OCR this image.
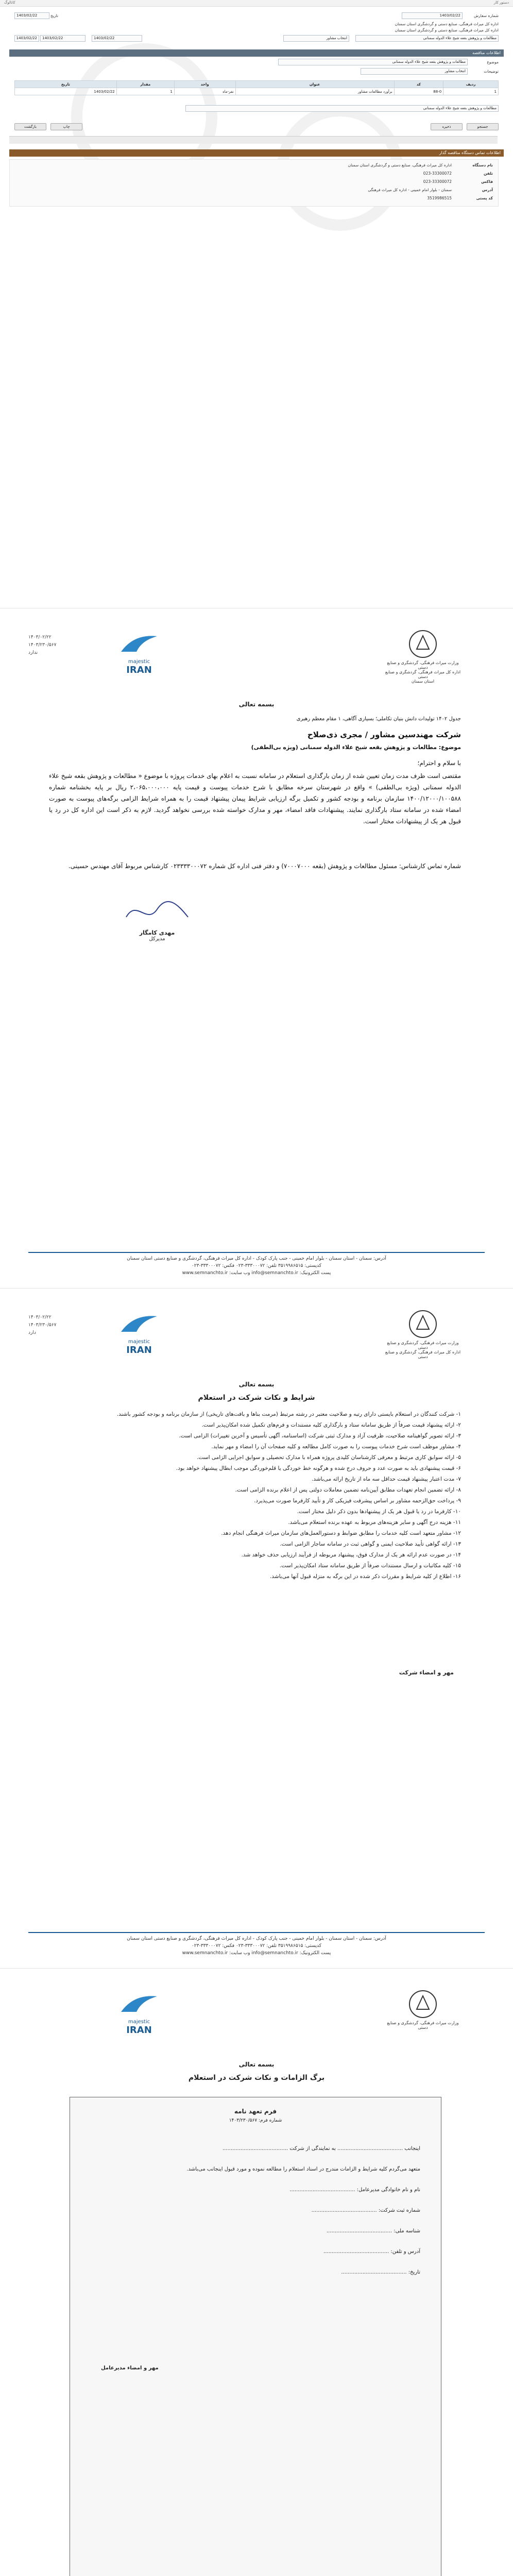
دستور کار
کاتالوگ
شماره سفارش
1403/02/22
تاریخ
1403/02/22
اداره کل میراث فرهنگی، صنایع دستی و گردشگری استان سمنان
اداره کل میراث فرهنگی، صنایع دستی و گردشگری استان سمنان
مطالعات و پژوهش بقعه شیخ علاء الدوله سمنانی
انتخاب مشاور
1403/02/22
1403/02/22
1403/02/22
اطلاعات مناقصه
موضوع
مطالعات و پژوهش بقعه شیخ علاء الدوله سمنانی
توضیحات
انتخاب مشاور
ردیف	کد	عنوان	واحد	مقدار	تاریخ
1	88-0	برآورد مطالعات مشاور	نفر-ماه	1	1403/02/22
مطالعات و پژوهش بقعه شیخ علاء الدوله سمنانی
جستجو
ذخیره
چاپ
بازگشت
اطلاعات تماس دستگاه مناقصه گذار
نام دستگاه
اداره کل میراث فرهنگی، صنایع دستی و گردشگری استان سمنان
تلفن
023-33300072
فاکس
023-33300072
آدرس
سمنان - بلوار امام خمینی - اداره کل میراث فرهنگی
کد پستی
3519986515
وزارت میراث فرهنگی، گردشگری و صنایع دستی
اداره کل میراث فرهنگی، گردشگری و صنایع دستی
استان سمنان
majestic
IRAN
۱۴۰۳/۰۲/۲۲
۱۴۰۳/۲۳۰/۵۶۷
ندارد
بسمه تعالی
جدول ۱۴۰۲ تولیدات دانش بنیان تکاملی؛ بسیاری آگاهی، ۱ مقام معظم رهبری
شرکت مهندسین مشاور / مجری ذی‌صلاح
موضوع: مطالعات و پژوهش بقعه شیخ علاء الدوله سمنانی (ویژه بی‌الطفی)
با سلام و احترام؛
مقتضی است ظرف مدت زمان تعیین شده از زمان بارگذاری استعلام در سامانه نسبت به اعلام بهای خدمات پروژه با موضوع « مطالعات و پژوهش بقعه شیخ علاء الدوله سمنانی (ویژه بی‌الطفی) » واقع در شهرستان سرخه مطابق با شرح خدمات پیوست و قیمت پایه ۲،۰۶۵،۰۰۰،۰۰۰ ریال بر پایه بخشنامه شماره ۱۴۰۰/۱۲۰۰۰/۱۰۰۵۸۸ سازمان برنامه و بودجه کشور و تکمیل برگه ارزیابی شرایط پیمان پیشنهاد قیمت را به همراه شرایط الزامی برگه‌های پیوست به صورت امضاء شده در سامانه ستاد بارگذاری نمایند. پیشنهادات فاقد امضاء، مهر و مدارک خواسته شده بررسی نخواهد گردید. لازم به ذکر است این اداره کل در رد یا قبول هر یک از پیشنهادات مختار است.
شماره تماس کارشناس: مسئول مطالعات و پژوهش (بقعه ۷۰۰۰۷۰۰۰) و دفتر فنی اداره کل شماره ۰۲۳۳۳۳۰۰۰۷۲ کارشناس مربوط آقای مهندس حسینی.
مهدی کامگار
مدیرکل
آدرس: سمنان - استان سمنان - بلوار امام خمینی - جنب پارک کودک - اداره کل میراث فرهنگی، گردشگری و صنایع دستی استان سمنان
کدپستی: ۳۵۱۹۹۸۶۵۱۵ تلفن: ۳۳۳۰۰۰۷۲-۰۲۳ فکس: ۳۳۳۰۰۰۷۲-۰۲۳
پست الکترونیک: info@semnanchto.ir وب سایت: www.semnanchto.ir
وزارت میراث فرهنگی، گردشگری و صنایع دستی
اداره کل میراث فرهنگی، گردشگری و صنایع دستی
majestic
IRAN
۱۴۰۳/۰۲/۲۲
۱۴۰۳/۲۳۰/۵۶۷
دارد
بسمه تعالی
شرایط و نکات شرکت در استعلام
۱- شرکت کنندگان در استعلام بایستی دارای رتبه و صلاحیت معتبر در رشته مرتبط (مرمت بناها و بافت‌های تاریخی) از سازمان برنامه و بودجه کشور باشند.
۲- ارائه پیشنهاد قیمت صرفاً از طریق سامانه ستاد و بارگذاری کلیه مستندات و فرم‌های تکمیل شده امکان‌پذیر است.
۳- ارائه تصویر گواهینامه صلاحیت، ظرفیت آزاد و مدارک ثبتی شرکت (اساسنامه، آگهی تأسیس و آخرین تغییرات) الزامی است.
۴- مشاور موظف است شرح خدمات پیوست را به صورت کامل مطالعه و کلیه صفحات آن را امضاء و مهر نماید.
۵- ارائه سوابق کاری مرتبط و معرفی کارشناسان کلیدی پروژه همراه با مدارک تحصیلی و سوابق اجرایی الزامی است.
۶- قیمت پیشنهادی باید به صورت عدد و حروف درج شده و هرگونه خط خوردگی یا قلم‌خوردگی موجب ابطال پیشنهاد خواهد بود.
۷- مدت اعتبار پیشنهاد قیمت حداقل سه ماه از تاریخ ارائه می‌باشد.
۸- ارائه تضمین انجام تعهدات مطابق آیین‌نامه تضمین معاملات دولتی پس از اعلام برنده الزامی است.
۹- پرداخت حق‌الزحمه مشاور بر اساس پیشرفت فیزیکی کار و تأیید کارفرما صورت می‌پذیرد.
۱۰- کارفرما در رد یا قبول هر یک از پیشنهادها بدون ذکر دلیل مختار است.
۱۱- هزینه درج آگهی و سایر هزینه‌های مربوط به عهده برنده استعلام می‌باشد.
۱۲- مشاور متعهد است کلیه خدمات را مطابق ضوابط و دستورالعمل‌های سازمان میراث فرهنگی انجام دهد.
۱۳- ارائه گواهی تأیید صلاحیت ایمنی و گواهی ثبت در سامانه ساجار الزامی است.
۱۴- در صورت عدم ارائه هر یک از مدارک فوق، پیشنهاد مربوطه از فرآیند ارزیابی حذف خواهد شد.
۱۵- کلیه مکاتبات و ارسال مستندات صرفاً از طریق سامانه ستاد امکان‌پذیر است.
۱۶- اطلاع از کلیه شرایط و مقررات ذکر شده در این برگه به منزله قبول آنها می‌باشد.
مهر و امضاء شرکت
آدرس: سمنان - استان سمنان - بلوار امام خمینی - جنب پارک کودک - اداره کل میراث فرهنگی، گردشگری و صنایع دستی استان سمنان
کدپستی: ۳۵۱۹۹۸۶۵۱۵ تلفن: ۳۳۳۰۰۰۷۲-۰۲۳ فکس: ۳۳۳۰۰۰۷۲-۰۲۳
پست الکترونیک: info@semnanchto.ir وب سایت: www.semnanchto.ir
وزارت میراث فرهنگی، گردشگری و صنایع دستی
majestic
IRAN
بسمه تعالی
برگ الزامات و نکات شرکت در استعلام
فرم تعهد نامه
شماره فرم: ۱۴۰۳/۲۳۰/۵۶۷
اینجانب ........................................ به نمایندگی از شرکت ........................................
متعهد می‌گردم کلیه شرایط و الزامات مندرج در اسناد استعلام را مطالعه نموده و مورد قبول اینجانب می‌باشد.
نام و نام خانوادگی مدیرعامل: ........................................
شماره ثبت شرکت: ........................................
شناسه ملی: ........................................
آدرس و تلفن: ........................................
تاریخ: ........................................
مهر و امضاء مدیرعامل
